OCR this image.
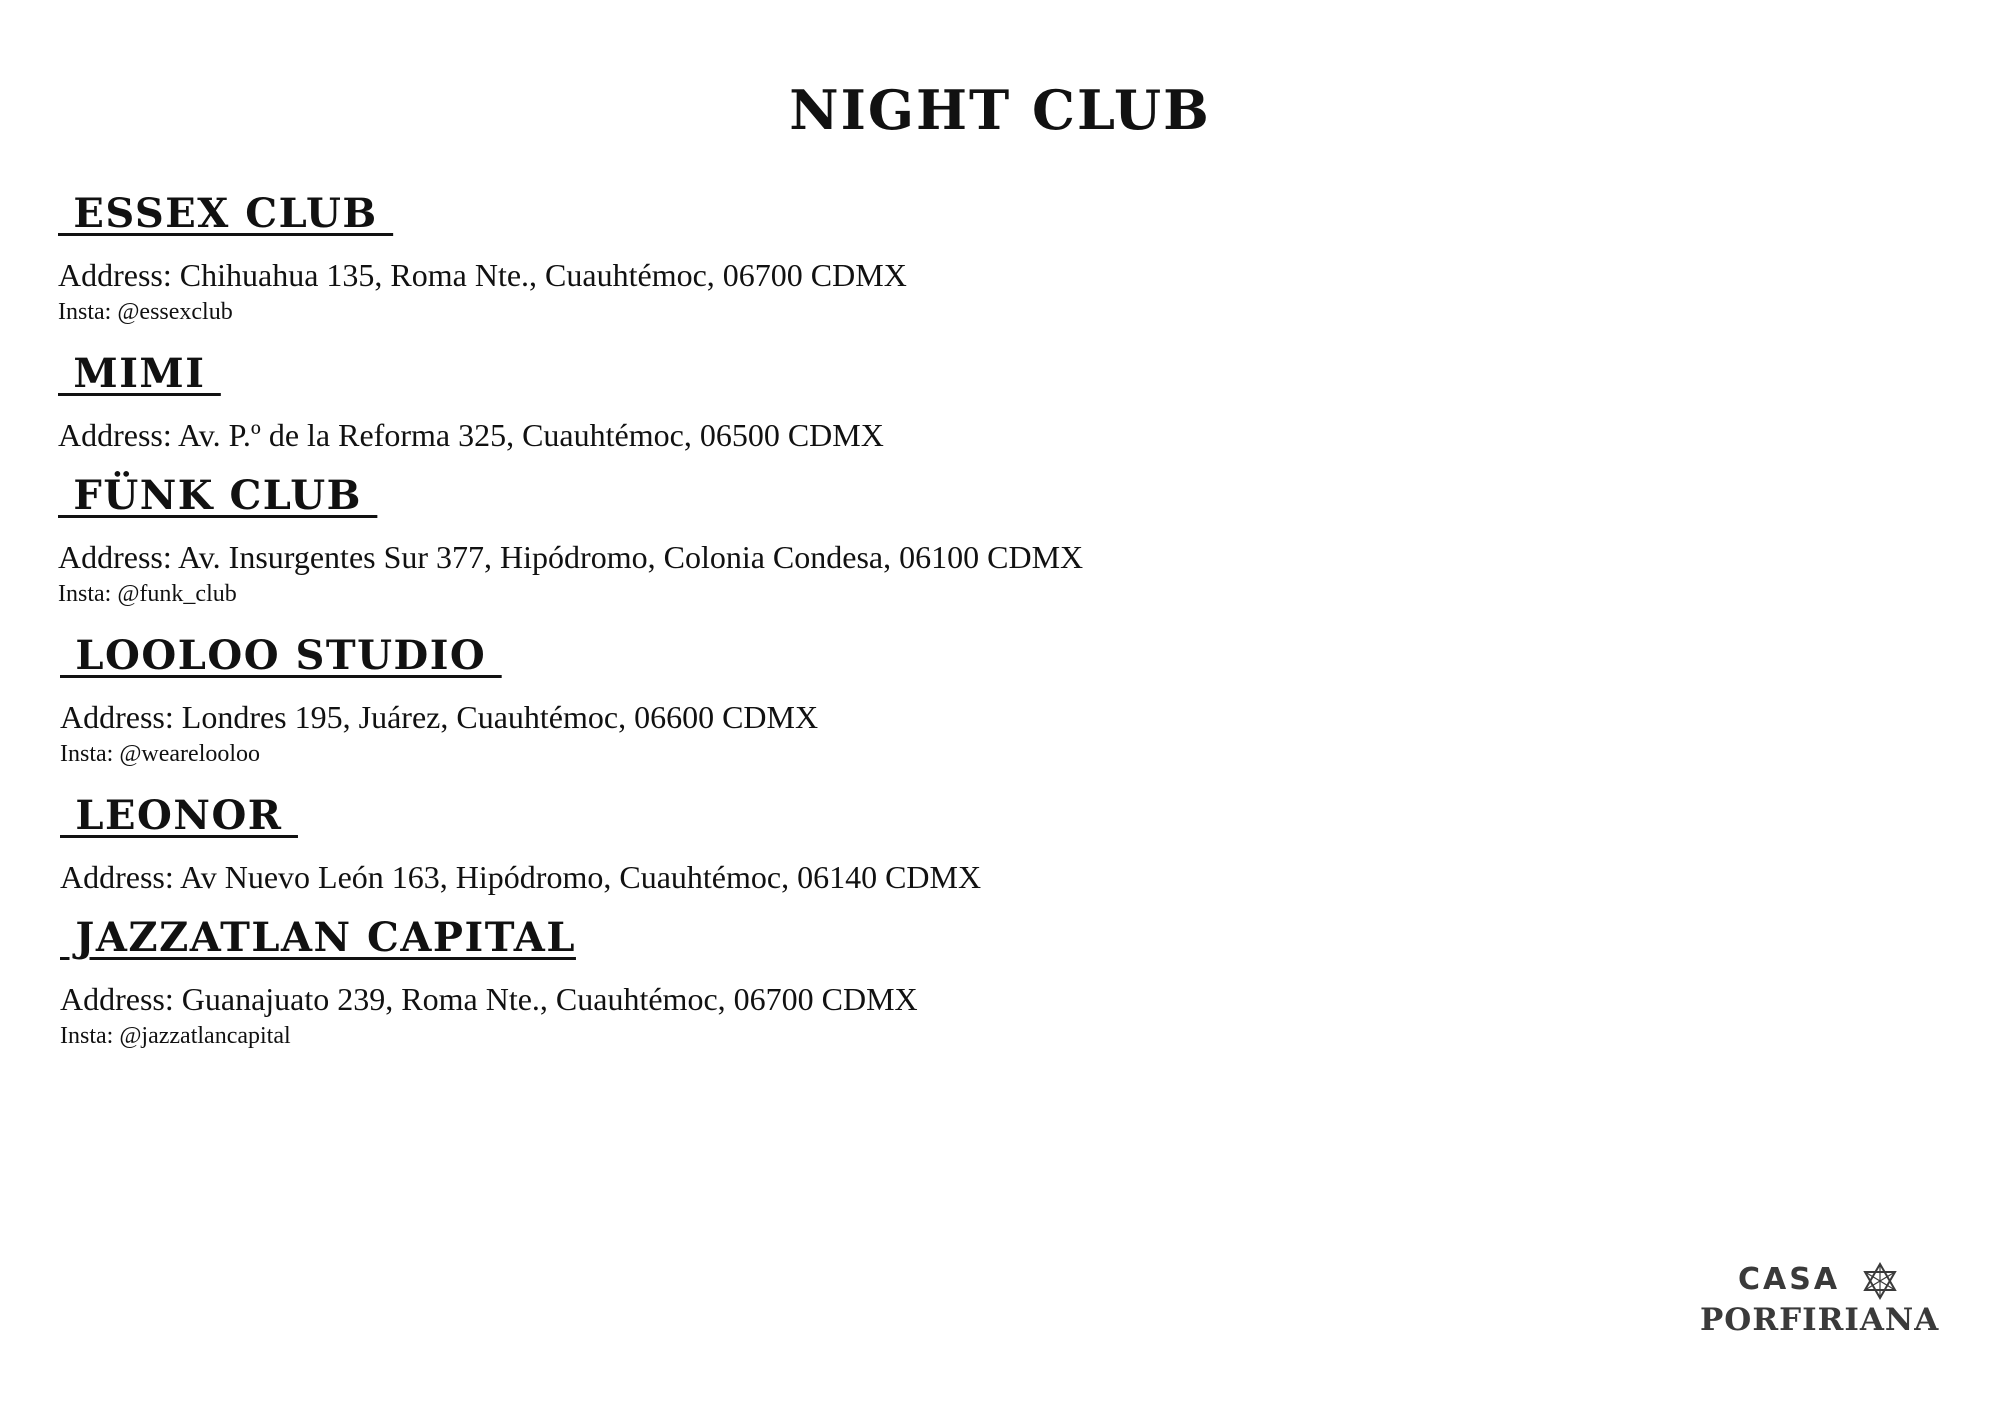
NIGHT CLUB
ESSEX CLUB
Address: Chihuahua 135, Roma Nte., Cuauhtémoc, 06700 CDMX
Insta: @essexclub
MIMI
Address: Av. P.º de la Reforma 325, Cuauhtémoc, 06500 CDMX
FÜNK CLUB
Address: Av. Insurgentes Sur 377, Hipódromo, Colonia Condesa, 06100 CDMX
Insta: @funk_club
LOOLOO STUDIO
Address: Londres 195, Juárez, Cuauhtémoc, 06600 CDMX
Insta: @wearelooloo
LEONOR
Address: Av Nuevo León 163, Hipódromo, Cuauhtémoc, 06140 CDMX
JAZZATLAN CAPITAL
Address: Guanajuato 239, Roma Nte., Cuauhtémoc, 06700 CDMX
Insta: @jazzatlancapital
CASA
PORFIRIANA
